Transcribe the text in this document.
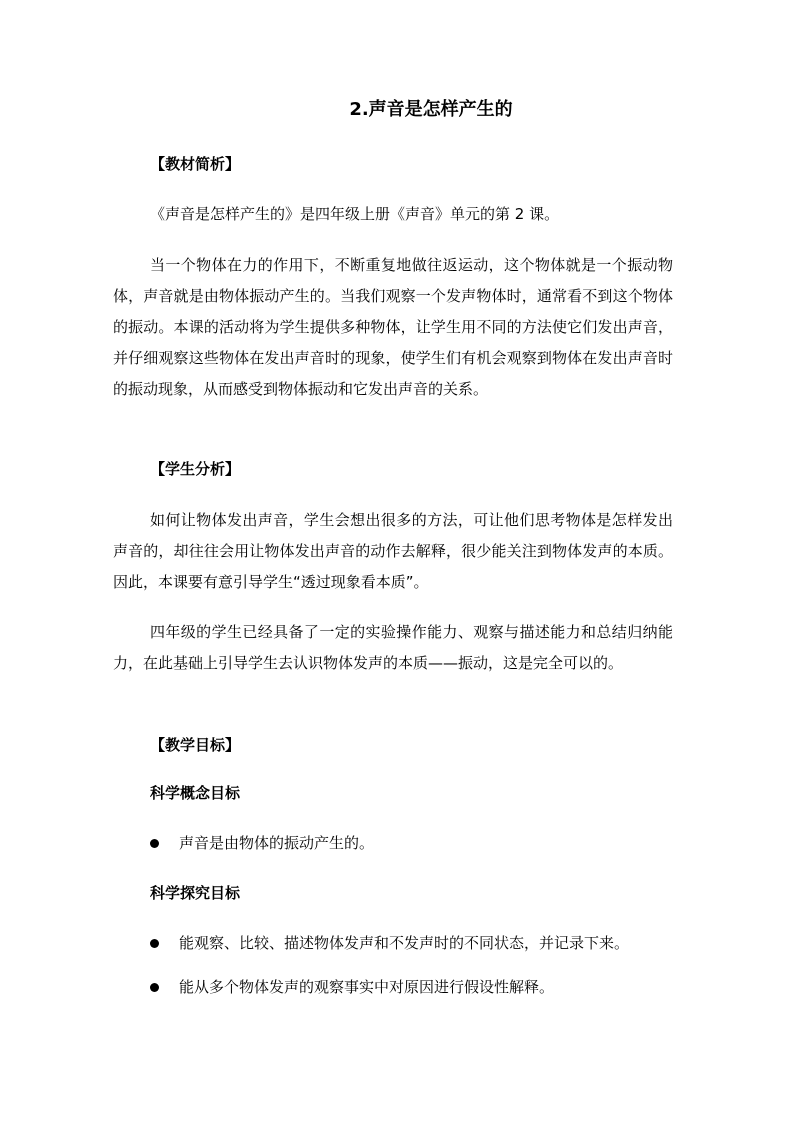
2.声音是怎样产生的
【教材简析】
《声音是怎样产生的》是四年级上册《声音》单元的第 2 课。
当一个物体在力的作用下，不断重复地做往返运动，这个物体就是一个振动物体，声音就是由物体振动产生的。当我们观察一个发声物体时，通常看不到这个物体的振动。本课的活动将为学生提供多种物体，让学生用不同的方法使它们发出声音，并仔细观察这些物体在发出声音时的现象，使学生们有机会观察到物体在发出声音时的振动现象，从而感受到物体振动和它发出声音的关系。
【学生分析】
如何让物体发出声音，学生会想出很多的方法，可让他们思考物体是怎样发出声音的，却往往会用让物体发出声音的动作去解释，很少能关注到物体发声的本质。因此，本课要有意引导学生“透过现象看本质”。
四年级的学生已经具备了一定的实验操作能力、观察与描述能力和总结归纳能力，在此基础上引导学生去认识物体发声的本质——振动，这是完全可以的。
【教学目标】
科学概念目标
声音是由物体的振动产生的。
科学探究目标
能观察、比较、描述物体发声和不发声时的不同状态，并记录下来。
能从多个物体发声的观察事实中对原因进行假设性解释。
